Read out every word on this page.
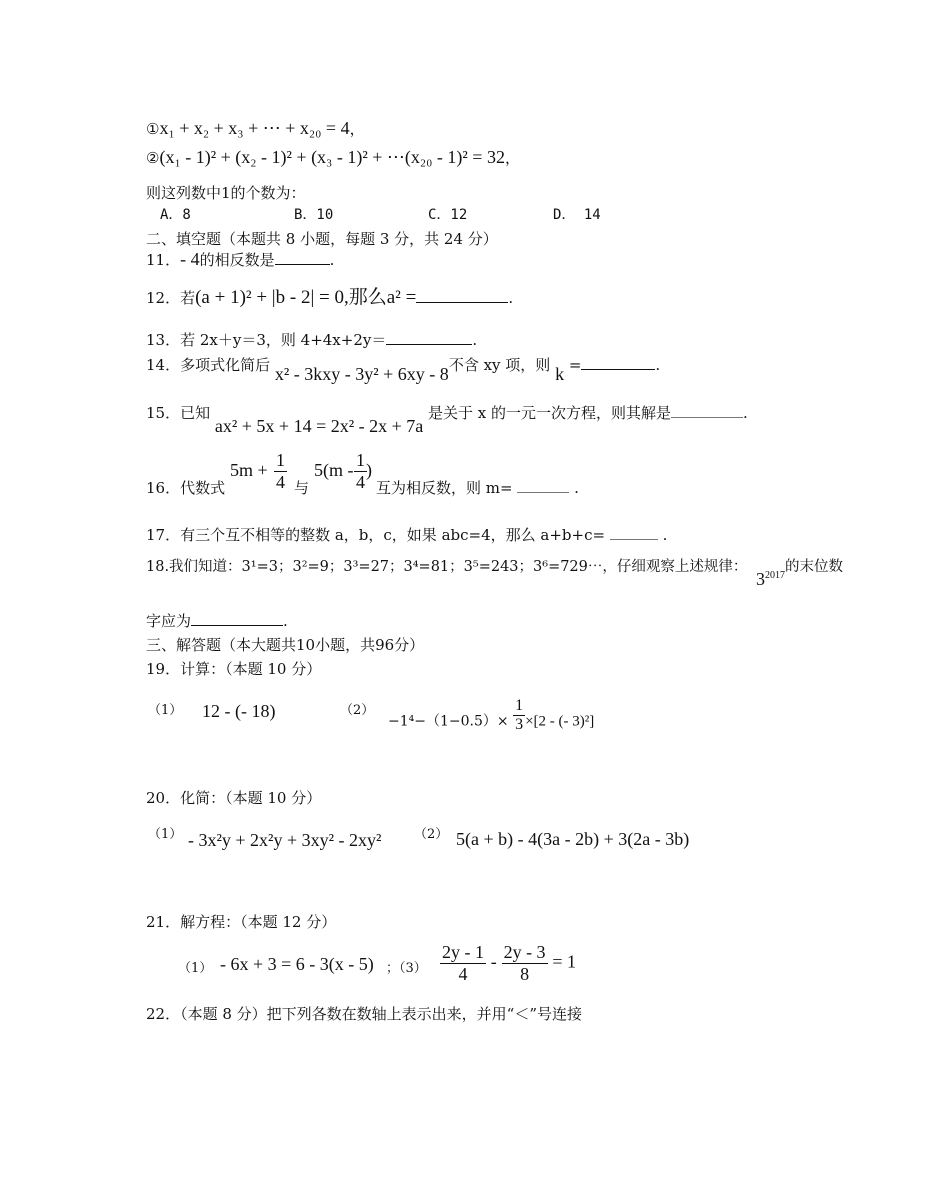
①x₁ + x₂ + x₃ + ⋯ + x₂₀ = 4，
②(x₁ - 1)² + (x₂ - 1)² + (x₃ - 1)² + ⋯(x₂₀ - 1)² = 32，
则这列数中1的个数为：
A．8	B．10	C．12	D． 14
二、填空题（本题共 8 小题，每题 3 分，共 24 分）
11．- 4的相反数是	.
12．若(a + 1)² + |b - 2| = 0,那么a² =	.
13．若 2x＋y＝3，则 4+4x+2y＝	.
14．多项式化简后 x² - 3kxy - 3y² + 6xy - 8不含 xy 项，则 k =	.
15．已知 ax² + 5x + 14 = 2x² - 2x + 7a 是关于 x 的一元一次方程，则其解是	.
16．代数式
$5m + \frac{1}{4}$ 与
$5(m - \frac{1}{4}$ )
互为相反数，则 m=	.
17．有三个互不相等的整数 a，b，c，如果 abc=4，那么 a+b+c=	.
18.我们知道：3¹=3；3²=9；3³=27；3⁴=81；3⁵=243；3⁶=729⋯，仔细观察上述规律： $3^{2017}$的末位数
字应为	.
三、解答题（本大题共10小题，共96分）
19．计算：（本题 10 分）
（1） 12 - (- 18)	（2）
$-1^4-(1-0.5)\times \frac{1}{3} \times[2$ - (- 3)²]
20．化简：（本题 10 分）
（1） - 3x²y + 2x²y + 3xy² - 2xy²	（2） 5(a + b) - 4(3a - 2b) + 3(2a - 3b)
21．解方程：（本题 12 分）
（1） - 6x + 3 = 6 - 3(x - 5) ；$(3) \frac{2y - 1}{4} - \frac{2y - 3}{8} = 1$
22．（本题 8 分）把下列各数在数轴上表示出来，并用“＜”号连接
